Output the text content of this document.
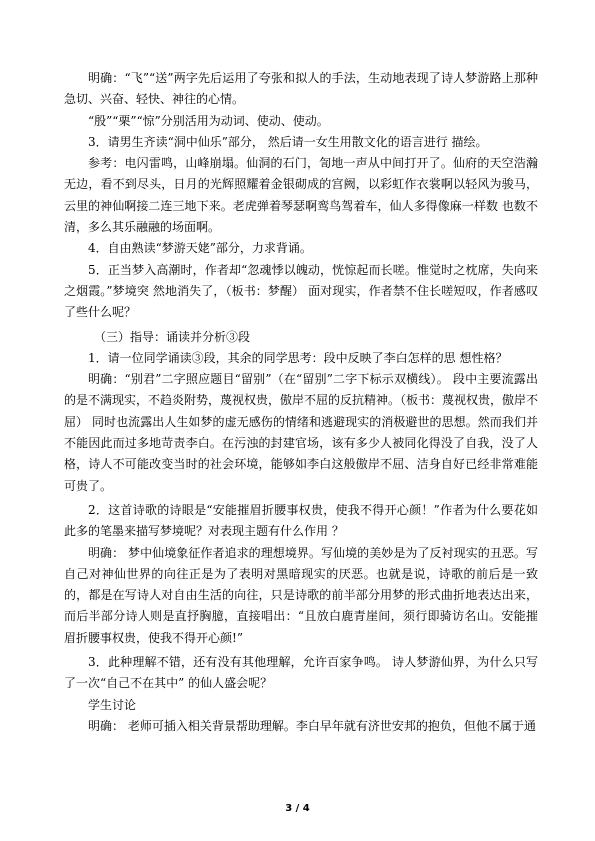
明确：“飞”“送”两字先后运用了夸张和拟人的手法，生动地表现了诗人梦游路上那种急切、兴奋、轻快、神往的心情。

“殷”“栗”“惊”分别活用为动词、使动、使动。

3．请男生齐读“洞中仙乐”部分， 然后请一女生用散文化的语言进行 描绘。

参考：电闪雷鸣，山峰崩塌。仙洞的石门，訇地一声从中间打开了。仙府的天空浩瀚无边，看不到尽头，日月的光辉照耀着金银砌成的宫阙，以彩虹作衣裳啊以轻风为骏马，云里的神仙啊接二连三地下来。老虎弹着琴瑟啊鸾鸟驾着车，仙人多得像麻一样数 也数不清，多么其乐融融的场面啊。

4．自由熟读“梦游天姥”部分，力求背诵。

5．正当梦入高潮时，作者却“忽魂悸以魄动，恍惊起而长嗟。惟觉时之枕席，失向来之烟霞。”梦境突 然地消失了，（板书：梦醒） 面对现实，作者禁不住长嗟短叹，作者感叹了些什么呢？

（三）指导：诵读并分析③段

1．请一位同学诵读③段，其余的同学思考：段中反映了李白怎样的思 想性格？

明确：“别君”二字照应题目“留别”（在“留别”二字下标示双横线）。 段中主要流露出的是不满现实，不趋炎附势，蔑视权贵，傲岸不屈的反抗精神。（板书：蔑视权贵，傲岸不屈） 同时也流露出人生如梦的虚无感伤的情绪和逃避现实的消极避世的思想。然而我们并不能因此而过多地苛责李白。在污浊的封建官场，该有多少人被同化得没了自我，没了人格，诗人不可能改变当时的社会环境，能够如李白这般傲岸不屈、洁身自好已经非常难能可贵了。

2．这首诗歌的诗眼是“安能摧眉折腰事权贵，使我不得开心颜！”作者为什么要花如此多的笔墨来描写梦境呢？对表现主题有什么作用 ？

明确： 梦中仙境象征作者追求的理想境界。写仙境的美妙是为了反衬现实的丑恶。写自己对神仙世界的向往正是为了表明对黑暗现实的厌恶。也就是说，诗歌的前后是一致的，都是在写诗人对自由生活的向往，只是诗歌的前半部分用梦的形式曲折地表达出来，而后半部分诗人则是直抒胸臆，直接唱出：“且放白鹿青崖间，须行即骑访名山。安能摧眉折腰事权贵，使我不得开心颜!”

3．此种理解不错，还有没有其他理解，允许百家争鸣。 诗人梦游仙界，为什么只写了一次“自己不在其中” 的仙人盛会呢？

学生讨论

明确： 老师可插入相关背景帮助理解。李白早年就有济世安邦的抱负，但他不属于通

3 / 4
